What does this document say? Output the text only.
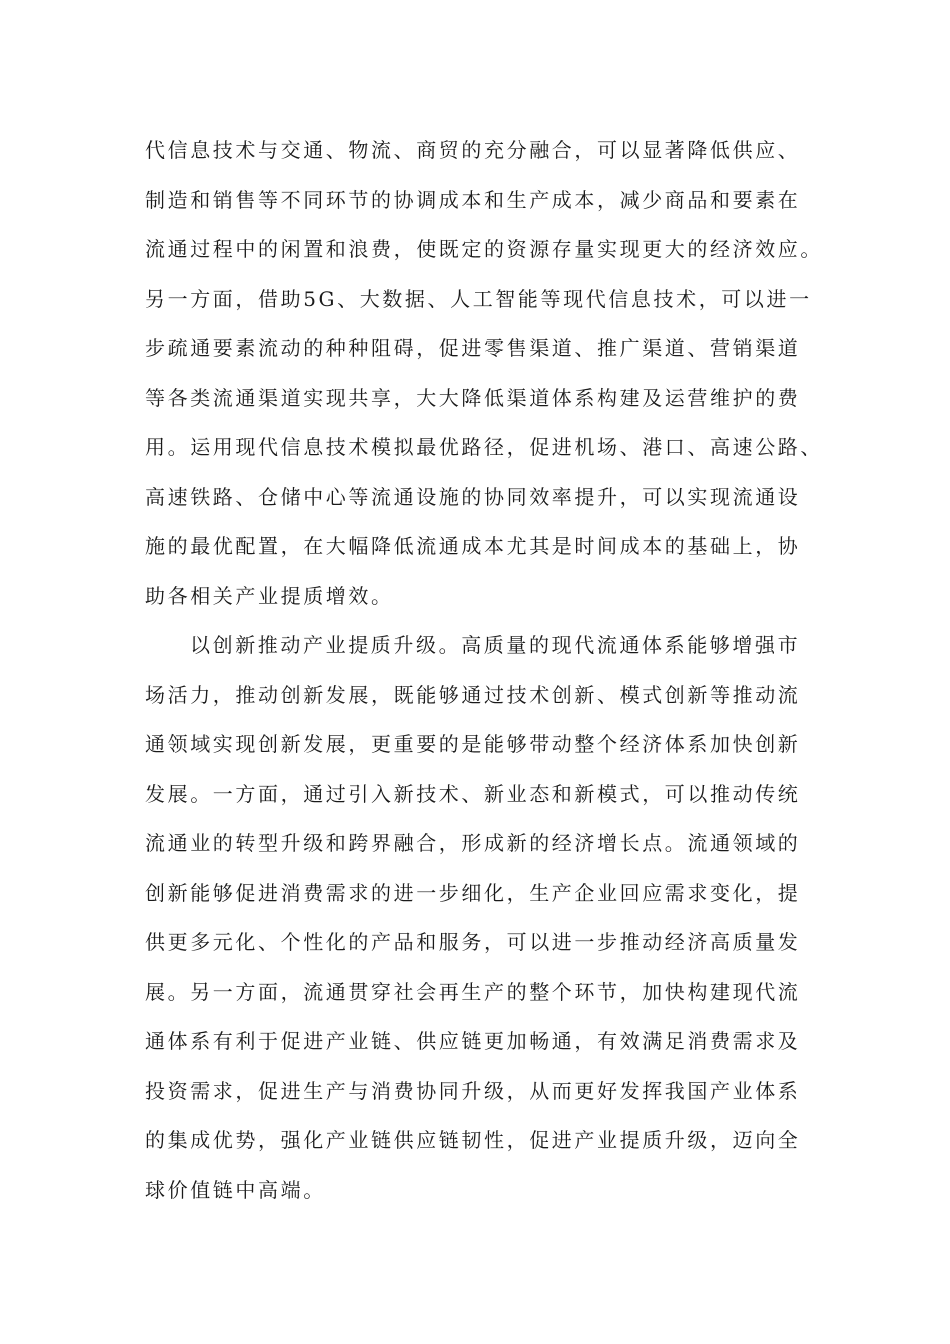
代信息技术与交通、物流、商贸的充分融合，可以显著降低供应、
制造和销售等不同环节的协调成本和生产成本，减少商品和要素在
流通过程中的闲置和浪费，使既定的资源存量实现更大的经济效应。
另一方面，借助5G、大数据、人工智能等现代信息技术，可以进一
步疏通要素流动的种种阻碍，促进零售渠道、推广渠道、营销渠道
等各类流通渠道实现共享，大大降低渠道体系构建及运营维护的费
用。运用现代信息技术模拟最优路径，促进机场、港口、高速公路、
高速铁路、仓储中心等流通设施的协同效率提升，可以实现流通设
施的最优配置，在大幅降低流通成本尤其是时间成本的基础上，协
助各相关产业提质增效。
以创新推动产业提质升级。高质量的现代流通体系能够增强市
场活力，推动创新发展，既能够通过技术创新、模式创新等推动流
通领域实现创新发展，更重要的是能够带动整个经济体系加快创新
发展。一方面，通过引入新技术、新业态和新模式，可以推动传统
流通业的转型升级和跨界融合，形成新的经济增长点。流通领域的
创新能够促进消费需求的进一步细化，生产企业回应需求变化，提
供更多元化、个性化的产品和服务，可以进一步推动经济高质量发
展。另一方面，流通贯穿社会再生产的整个环节，加快构建现代流
通体系有利于促进产业链、供应链更加畅通，有效满足消费需求及
投资需求，促进生产与消费协同升级，从而更好发挥我国产业体系
的集成优势，强化产业链供应链韧性，促进产业提质升级，迈向全
球价值链中高端。
